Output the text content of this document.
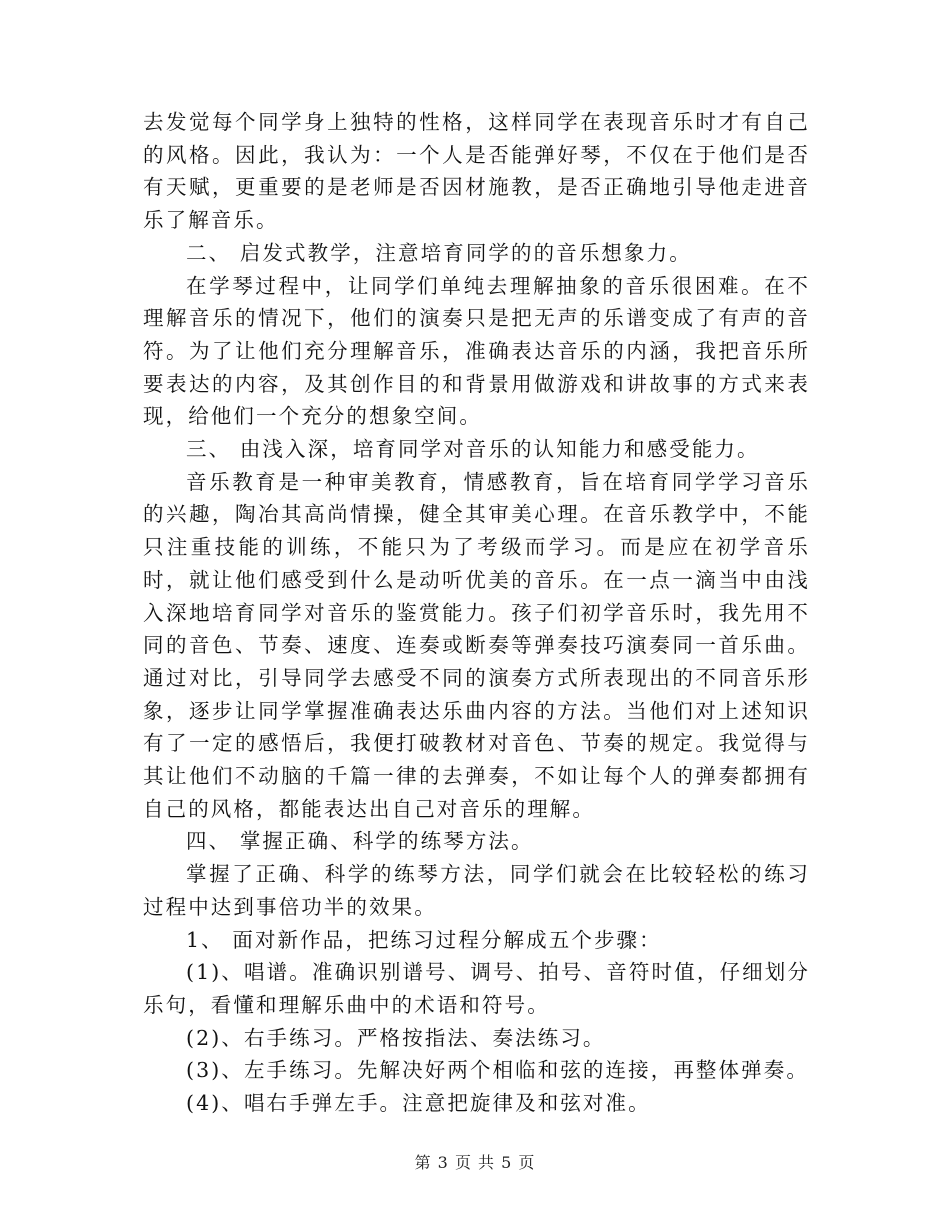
去发觉每个同学身上独特的性格，这样同学在表现音乐时才有自己的风格。因此，我认为：一个人是否能弹好琴，不仅在于他们是否有天赋，更重要的是老师是否因材施教，是否正确地引导他走进音乐了解音乐。

二、 启发式教学，注意培育同学的的音乐想象力。

在学琴过程中，让同学们单纯去理解抽象的音乐很困难。在不理解音乐的情况下，他们的演奏只是把无声的乐谱变成了有声的音符。为了让他们充分理解音乐，准确表达音乐的内涵，我把音乐所要表达的内容，及其创作目的和背景用做游戏和讲故事的方式来表现，给他们一个充分的想象空间。

三、 由浅入深，培育同学对音乐的认知能力和感受能力。

音乐教育是一种审美教育，情感教育，旨在培育同学学习音乐的兴趣，陶冶其高尚情操，健全其审美心理。在音乐教学中，不能只注重技能的训练，不能只为了考级而学习。而是应在初学音乐时，就让他们感受到什么是动听优美的音乐。在一点一滴当中由浅入深地培育同学对音乐的鉴赏能力。孩子们初学音乐时，我先用不同的音色、节奏、速度、连奏或断奏等弹奏技巧演奏同一首乐曲。通过对比，引导同学去感受不同的演奏方式所表现出的不同音乐形象，逐步让同学掌握准确表达乐曲内容的方法。当他们对上述知识有了一定的感悟后，我便打破教材对音色、节奏的规定。我觉得与其让他们不动脑的千篇一律的去弹奏，不如让每个人的弹奏都拥有自己的风格，都能表达出自己对音乐的理解。

四、 掌握正确、科学的练琴方法。

掌握了正确、科学的练琴方法，同学们就会在比较轻松的练习过程中达到事倍功半的效果。

1、 面对新作品，把练习过程分解成五个步骤：

(1)、唱谱。准确识别谱号、调号、拍号、音符时值，仔细划分乐句，看懂和理解乐曲中的术语和符号。

(2)、右手练习。严格按指法、奏法练习。

(3)、左手练习。先解决好两个相临和弦的连接，再整体弹奏。

(4)、唱右手弹左手。注意把旋律及和弦对准。

第 3 页 共 5 页
